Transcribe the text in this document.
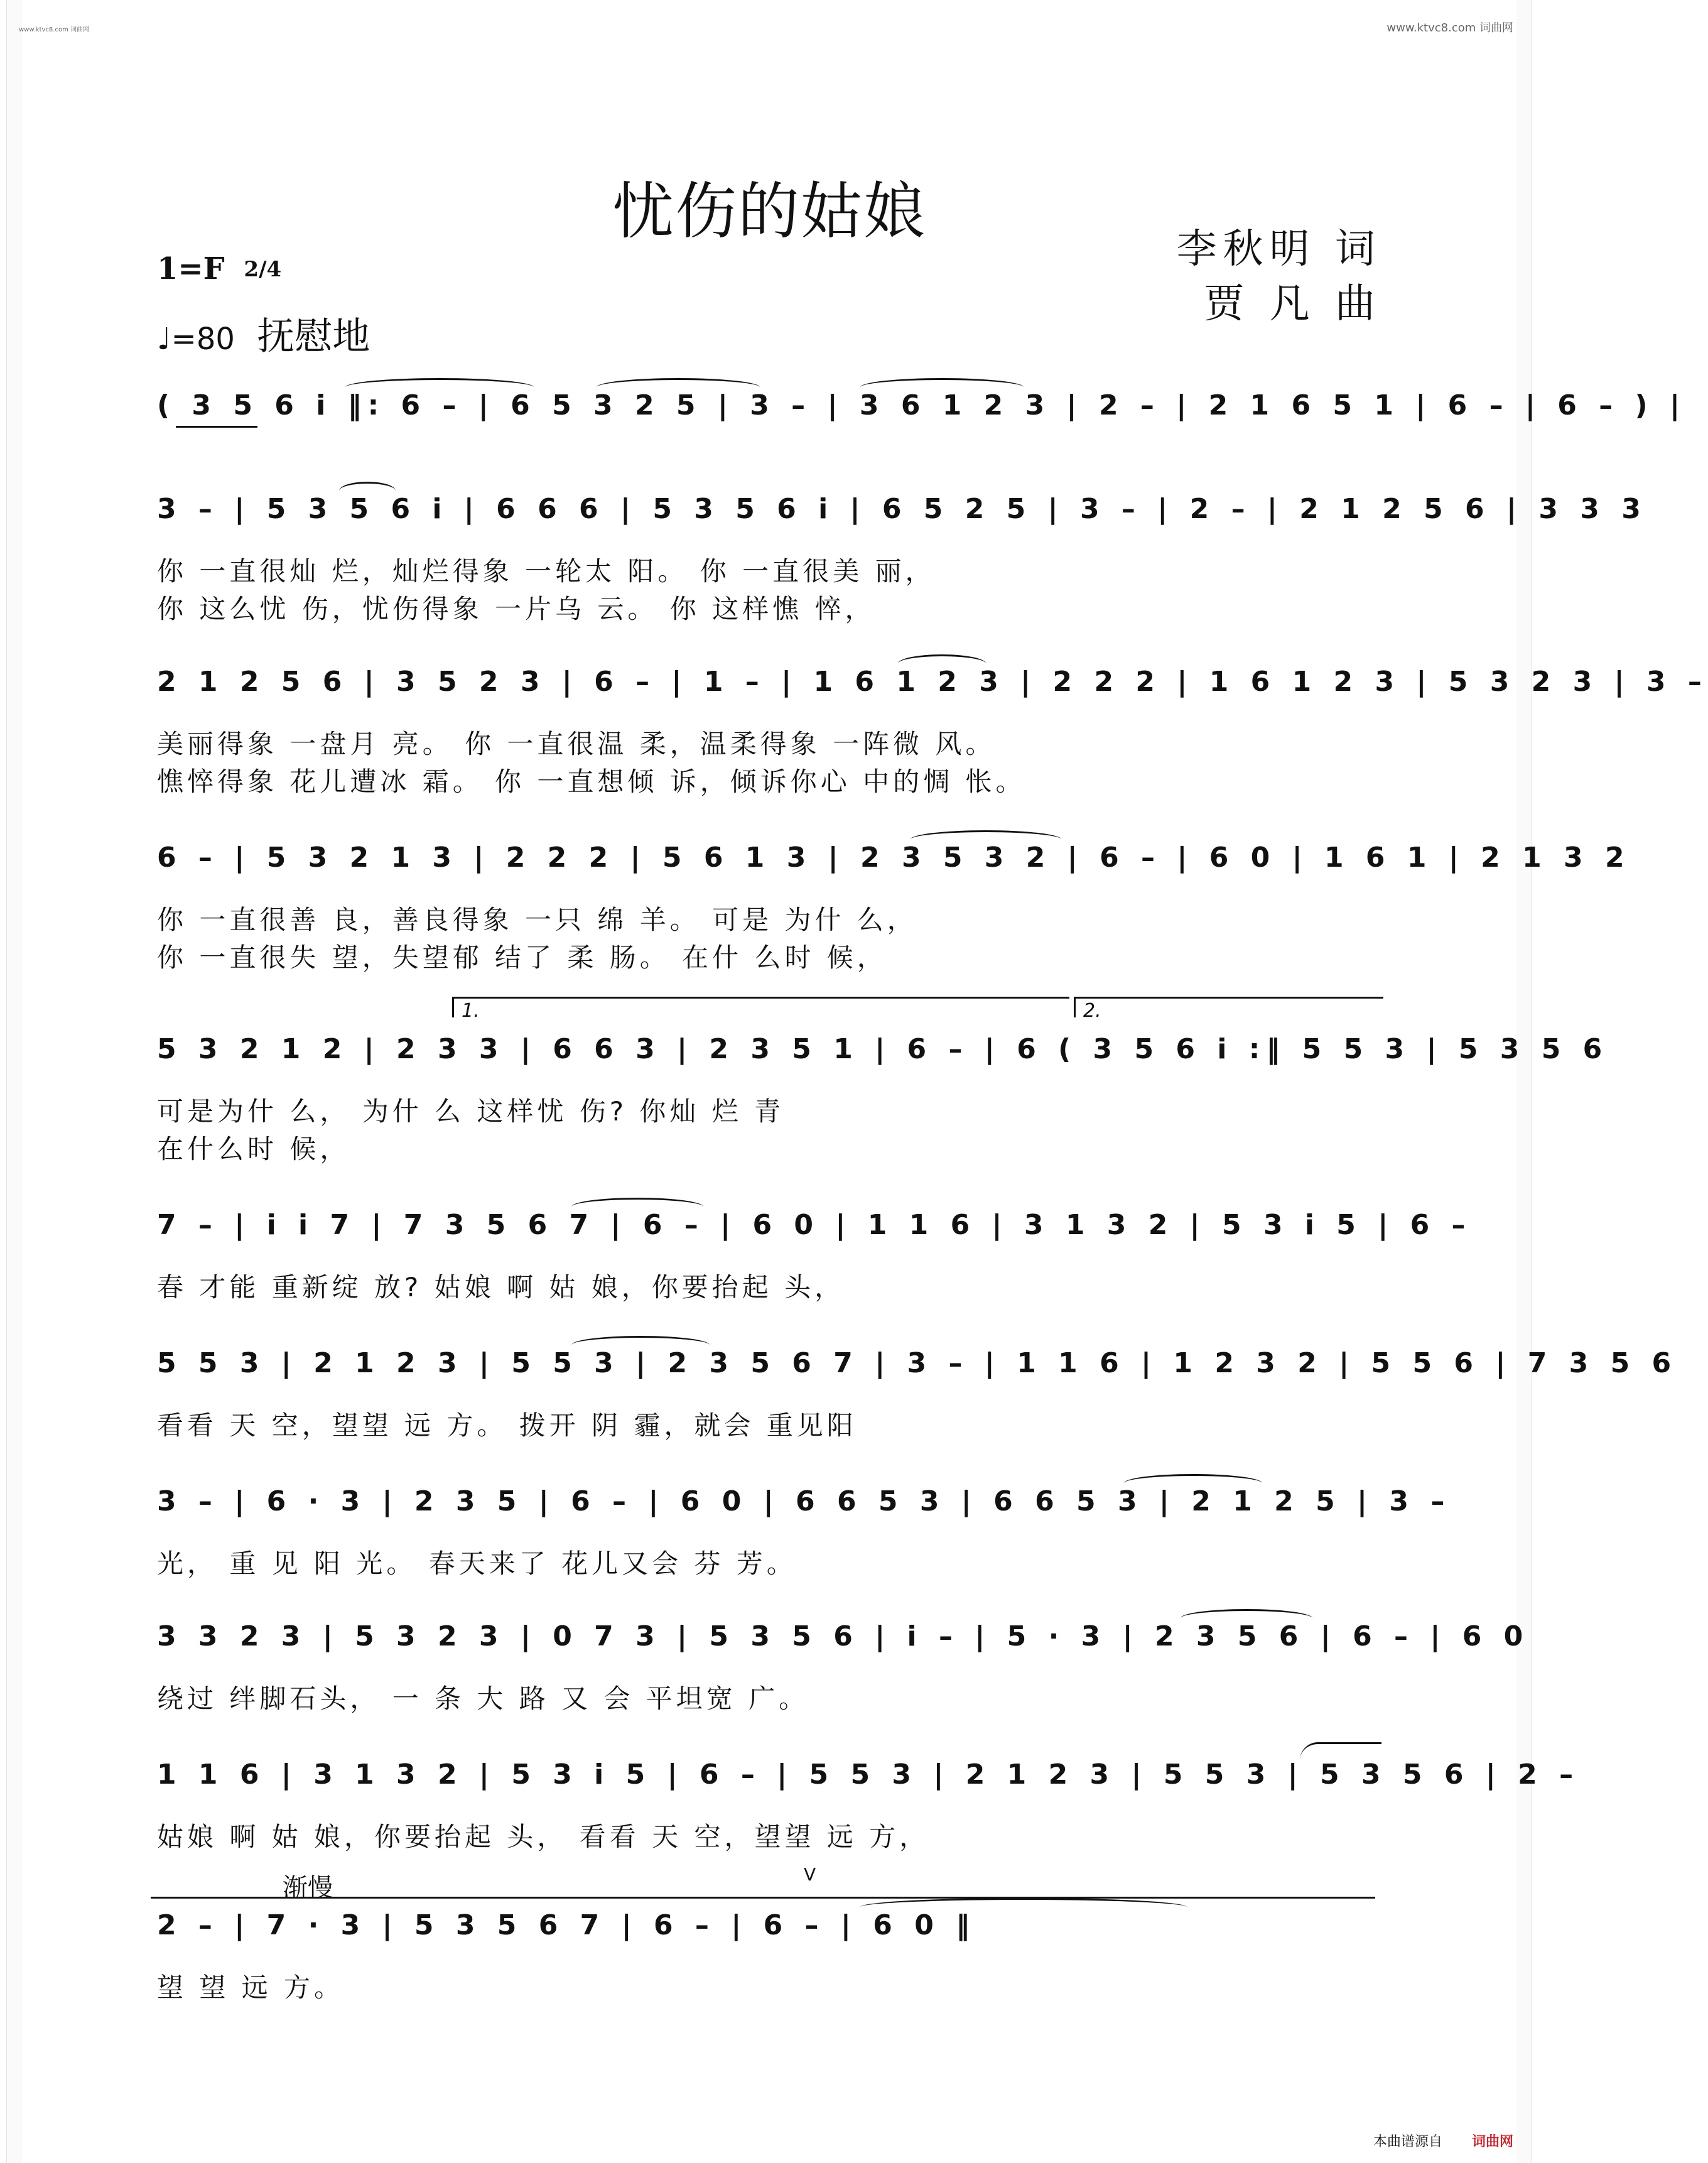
www.ktvc8.com 词曲网	www.ktvc8.com 词曲网
忧伤的姑娘
李秋明 词
贾 凡 曲
1=F 2/4
♩=80 抚慰地
( 3 5 6 i ‖: 6 – | 6 5 3 2 5 | 3 – | 3 6 1 2 3 | 2 – | 2 1 6 5 1 | 6 – | 6 – ) |
3 – | 5 3 5 6 i | 6 6 6 | 5 3 5 6 i | 6 5 2 5 | 3 – | 2 – | 2 1 2 5 6 | 3 3 3
你 一直很灿 烂，灿烂得象 一轮太 阳。 你 一直很美 丽，
你 这么忧 伤，忧伤得象 一片乌 云。 你 这样憔 悴，
2 1 2 5 6 | 3 5 2 3 | 6 – | 1 – | 1 6 1 2 3 | 2 2 2 | 1 6 1 2 3 | 5 3 2 3 | 3 –
美丽得象 一盘月 亮。 你 一直很温 柔，温柔得象 一阵微 风。
憔悴得象 花儿遭冰 霜。 你 一直想倾 诉，倾诉你心 中的惆 怅。
6 – | 5 3 2 1 3 | 2 2 2 | 5 6 1 3 | 2 3 5 3 2 | 6 – | 6 0 | 1 6 1 | 2 1 3 2
你 一直很善 良，善良得象 一只 绵 羊。 可是 为什 么，
你 一直很失 望，失望郁 结了 柔 肠。 在什 么时 候，
1.	2.
5 3 2 1 2 | 2 3 3 | 6 6 3 | 2 3 5 1 | 6 – | 6 ( 3 5 6 i :‖ 5 5 3 | 5 3 5 6
可是为什 么， 为什 么 这样忧 伤? 你灿 烂 青
在什么时 候，
7 – | i i 7 | 7 3 5 6 7 | 6 – | 6 0 | 1 1 6 | 3 1 3 2 | 5 3 i 5 | 6 –
春 才能 重新绽 放? 姑娘 啊 姑 娘，你要抬起 头，
5 5 3 | 2 1 2 3 | 5 5 3 | 2 3 5 6 7 | 3 – | 1 1 6 | 1 2 3 2 | 5 5 6 | 7 3 5 6
看看 天 空，望望 远 方。 拨开 阴 霾，就会 重见阳
3 – | 6 · 3 | 2 3 5 | 6 – | 6 0 | 6 6 5 3 | 6 6 5 3 | 2 1 2 5 | 3 –
光， 重 见 阳 光。 春天来了 花儿又会 芬 芳。
3 3 2 3 | 5 3 2 3 | 0 7 3 | 5 3 5 6 | i – | 5 · 3 | 2 3 5 6 | 6 – | 6 0
绕过 绊脚石头， 一 条 大 路 又 会 平坦宽 广。
1 1 6 | 3 1 3 2 | 5 3 i 5 | 6 – | 5 5 3 | 2 1 2 3 | 5 5 3 | 5 3 5 6 | 2 –
姑娘 啊 姑 娘，你要抬起 头， 看看 天 空，望望 远 方，
渐慢	V
2 – | 7 · 3 | 5 3 5 6 7 | 6 – | 6 – | 6 0 ‖
望 望 远 方。
本曲谱源自 词曲网
